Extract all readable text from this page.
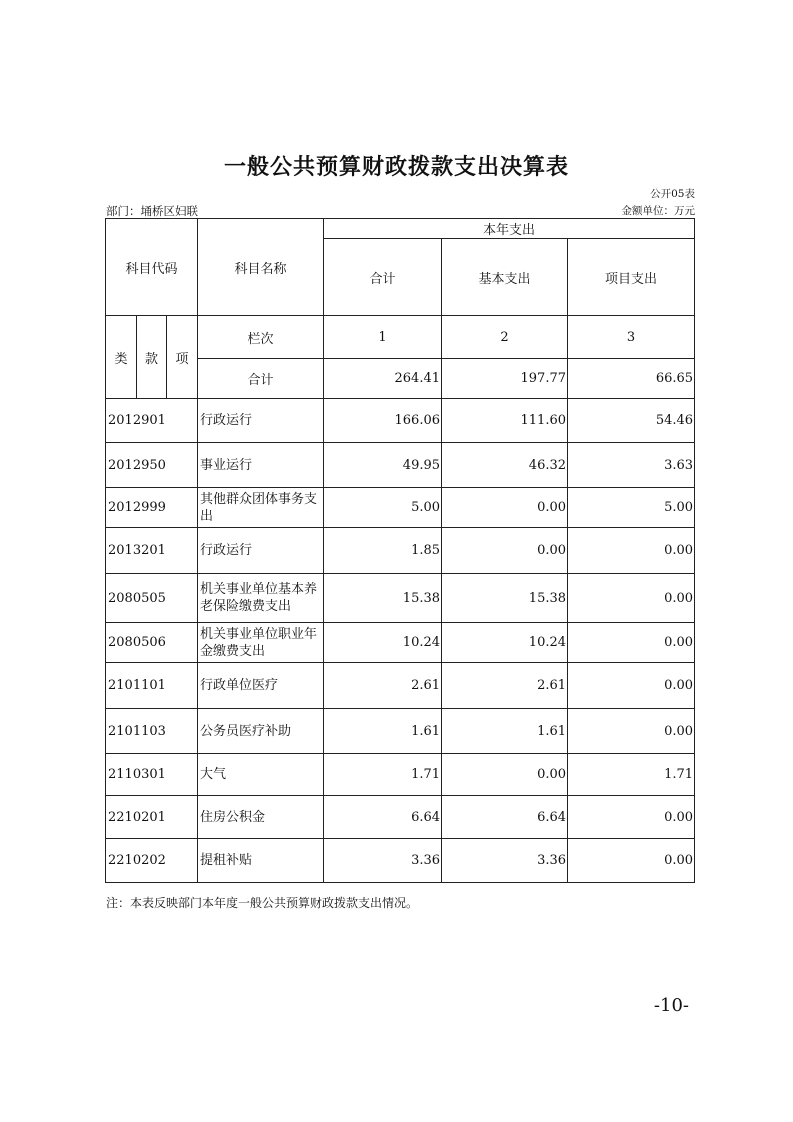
一般公共预算财政拨款支出决算表
公开05表
部门：埇桥区妇联	金额单位：万元
科目代码			科目名称	本年支出		
				合计	基本支出	项目支出
类	款	项	栏次	1	2	3
			合计	264.41	197.77	66.65
2012901			行政运行	166.06	111.60	54.46
2012950			事业运行	49.95	46.32	3.63
2012999			其他群众团体事务支出	5.00	0.00	5.00
2013201			行政运行	1.85	0.00	0.00
2080505			机关事业单位基本养老保险缴费支出	15.38	15.38	0.00
2080506			机关事业单位职业年金缴费支出	10.24	10.24	0.00
2101101			行政单位医疗	2.61	2.61	0.00
2101103			公务员医疗补助	1.61	1.61	0.00
2110301			大气	1.71	0.00	1.71
2210201			住房公积金	6.64	6.64	0.00
2210202			提租补贴	3.36	3.36	0.00
注：本表反映部门本年度一般公共预算财政拨款支出情况。
-10-
